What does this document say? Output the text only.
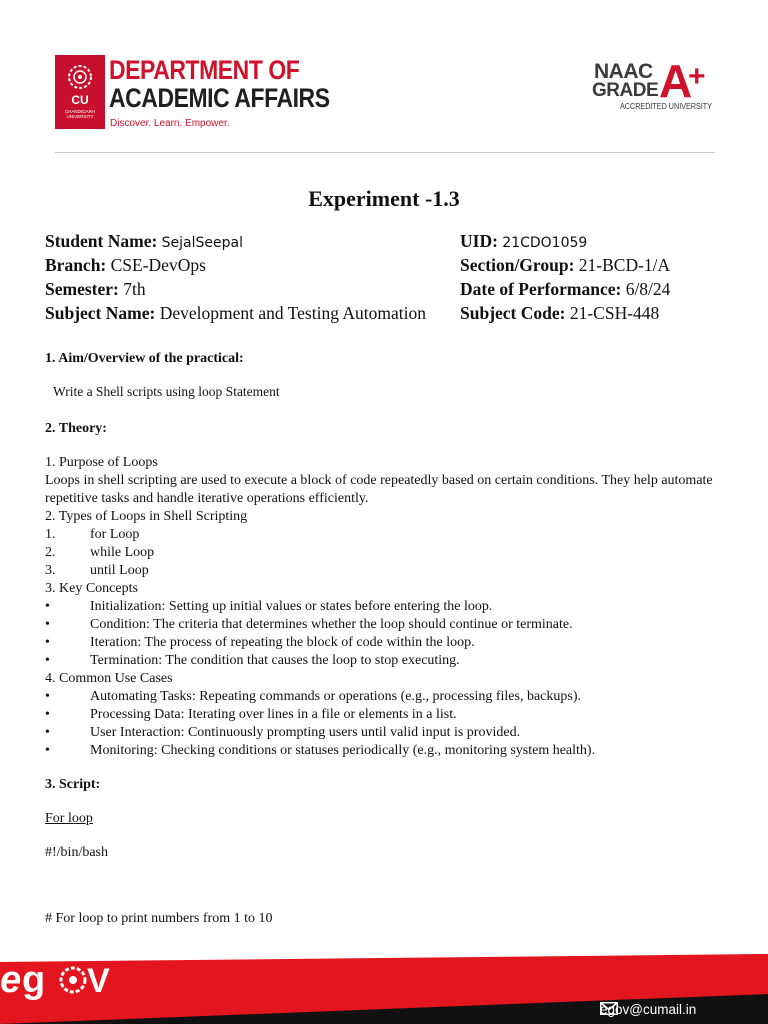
CU
CHANDIGARH UNIVERSITY
DEPARTMENT OF
ACADEMIC AFFAIRS
Discover. Learn. Empower.
NAAC
GRADE A
+
ACCREDITED UNIVERSITY
Experiment -1.3
Student Name: SejalSeepal
Branch: CSE-DevOps
Semester: 7th
Subject Name: Development and Testing Automation
UID: 21CDO1059
Section/Group: 21-BCD-1/A
Date of Performance: 6/8/24
Subject Code: 21-CSH-448
1. Aim/Overview of the practical:
Write a Shell scripts using loop Statement
2. Theory:
1. Purpose of Loops
Loops in shell scripting are used to execute a block of code repeatedly based on certain conditions. They help automate repetitive tasks and handle iterative operations efficiently.
2. Types of Loops in Shell Scripting
1.	for Loop
2.	while Loop
3.	until Loop
3. Key Concepts
•	Initialization: Setting up initial values or states before entering the loop.
•	Condition: The criteria that determines whether the loop should continue or terminate.
•	Iteration: The process of repeating the block of code within the loop.
•	Termination: The condition that causes the loop to stop executing.
4. Common Use Cases
•	Automating Tasks: Repeating commands or operations (e.g., processing files, backups).
•	Processing Data: Iterating over lines in a file or elements in a list.
•	User Interaction: Continuously prompting users until valid input is provided.
•	Monitoring: Checking conditions or statuses periodically (e.g., monitoring system health).
3. Script:
For loop
#!/bin/bash
# For loop to print numbers from 1 to 10
e g V
egov@cumail.in
